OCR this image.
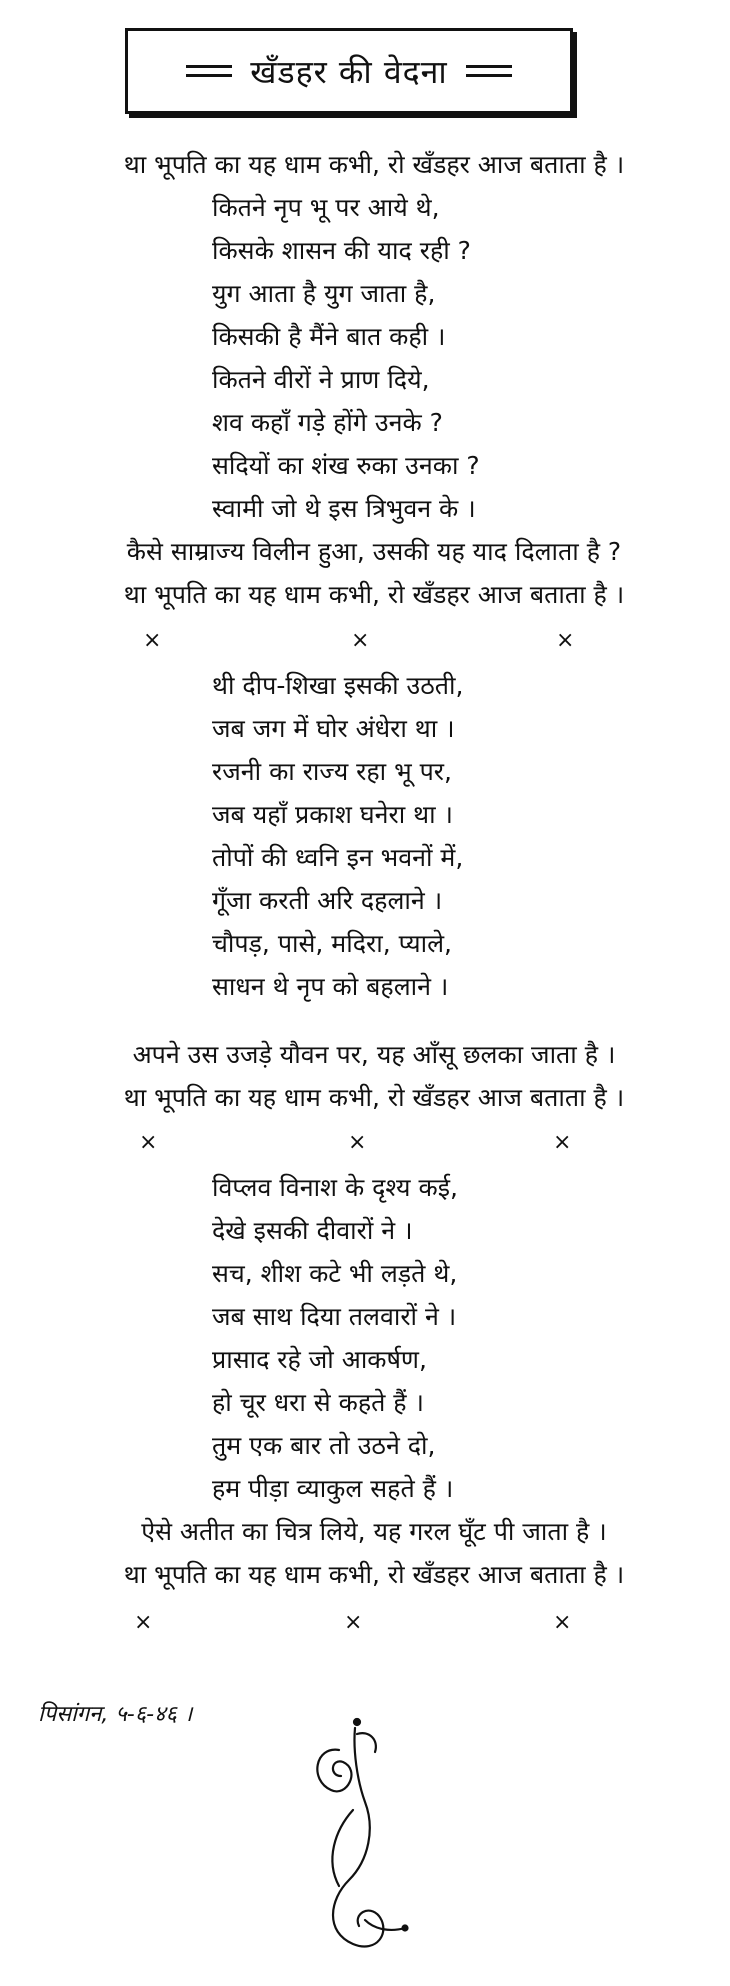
खँडहर की वेदना
था भूपति का यह धाम कभी, रो खँडहर आज बताता है ।
कितने नृप भू पर आये थे,
किसके शासन की याद रही ?
युग आता है युग जाता है,
किसकी है मैंने बात कही ।
कितने वीरों ने प्राण दिये,
शव कहाँ गड़े होंगे उनके ?
सदियों का शंख रुका उनका ?
स्वामी जो थे इस त्रिभुवन के ।
कैसे साम्राज्य विलीन हुआ, उसकी यह याद दिलाता है ?
था भूपति का यह धाम कभी, रो खँडहर आज बताता है ।
×	×	×
थी दीप-शिखा इसकी उठती,
जब जग में घोर अंधेरा था ।
रजनी का राज्य रहा भू पर,
जब यहाँ प्रकाश घनेरा था ।
तोपों की ध्वनि इन भवनों में,
गूँजा करती अरि दहलाने ।
चौपड़, पासे, मदिरा, प्याले,
साधन थे नृप को बहलाने ।
अपने उस उजड़े यौवन पर, यह आँसू छलका जाता है ।
था भूपति का यह धाम कभी, रो खँडहर आज बताता है ।
×	×	×
विप्लव विनाश के दृश्य कई,
देखे इसकी दीवारों ने ।
सच, शीश कटे भी लड़ते थे,
जब साथ दिया तलवारों ने ।
प्रासाद रहे जो आकर्षण,
हो चूर धरा से कहते हैं ।
तुम एक बार तो उठने दो,
हम पीड़ा व्याकुल सहते हैं ।
ऐसे अतीत का चित्र लिये, यह गरल घूँट पी जाता है ।
था भूपति का यह धाम कभी, रो खँडहर आज बताता है ।
×	×	×
पिसांगन, ५-६-४६ ।
